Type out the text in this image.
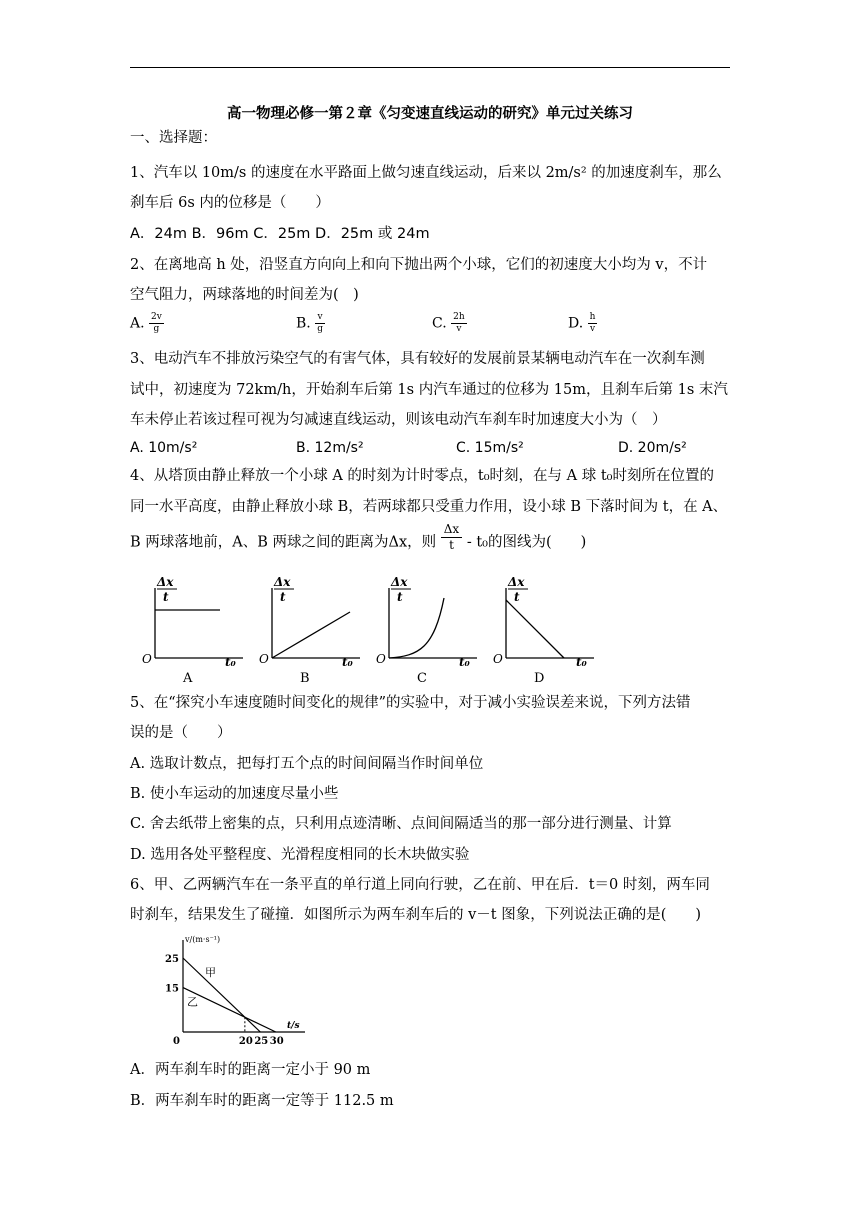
高一物理必修一第２章《匀变速直线运动的研究》单元过关练习
一、选择题：
1、汽车以 10m/s 的速度在水平路面上做匀速直线运动，后来以 2m/s² 的加速度刹车，那么
刹车后 6s 内的位移是（　　）
A．24m B．96m C．25m D．25m 或 24m
2、在离地高 h 处，沿竖直方向向上和向下抛出两个小球，它们的初速度大小均为 v，不计
空气阻力，两球落地的时间差为(　)
A. $\frac{2v}{g}$	B. $\frac{v}{g}$	C. $\frac{2h}{v}$	D. $\frac{h}{v}$
3、电动汽车不排放污染空气的有害气体，具有较好的发展前景某辆电动汽车在一次刹车测
试中，初速度为 72km/h，开始刹车后第 1s 内汽车通过的位移为 15m，且刹车后第 1s 末汽
车未停止若该过程可视为匀减速直线运动，则该电动汽车刹车时加速度大小为（　）
A. 10m/s²	B. 12m/s²	C. 15m/s²	D. 20m/s²
4、从塔顶由静止释放一个小球 A 的时刻为计时零点，t₀时刻，在与 A 球 t₀时刻所在位置的
同一水平高度，由静止释放小球 B，若两球都只受重力作用，设小球 B 下落时间为 t，在 A、
B 两球落地前，A、B 两球之间的距离为Δx，则 $\frac{\Delta x}{t} - t_0$的图线为(　　)
Δx
t
O	t₀
A
Δx
t
O	t₀
B
Δx
t
O	t₀
C
Δx
t
O	t₀
D
5、在“探究小车速度随时间变化的规律”的实验中，对于减小实验误差来说，下列方法错
误的是（　　）
A. 选取计数点，把每打五个点的时间间隔当作时间单位
B. 使小车运动的加速度尽量小些
C. 舍去纸带上密集的点，只利用点迹清晰、点间间隔适当的那一部分进行测量、计算
D. 选用各处平整程度、光滑程度相同的长木块做实验
6、甲、乙两辆汽车在一条平直的单行道上同向行驶，乙在前、甲在后．t＝0 时刻，两车同
时刹车，结果发生了碰撞．如图所示为两车刹车后的 v－t 图象，下列说法正确的是(　　)
v/(m·s⁻¹)
t/s
0
25
15
20 25 30
甲
乙
A．两车刹车时的距离一定小于 90 m
B．两车刹车时的距离一定等于 112.5 m
